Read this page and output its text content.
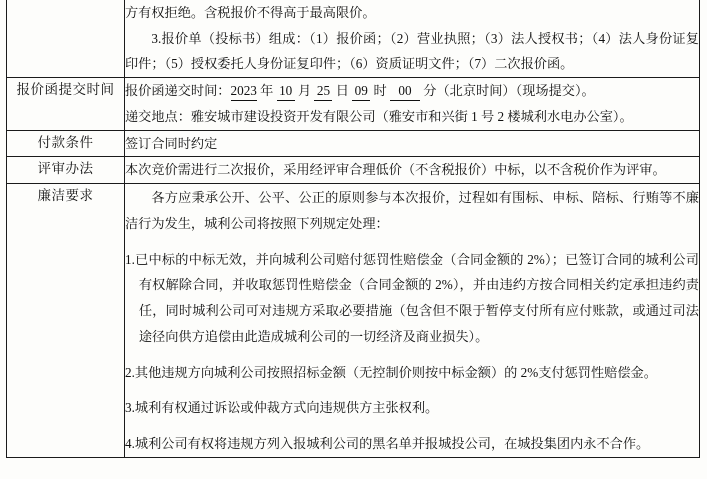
	方有权拒绝。含税报价不得高于最高限价。

3.报价单（投标书）组成：（1）报价函；（2）营业执照；（3）法人授权书；（4）法人身份证复印件；（5）授权委托人身份证复印件；（6）资质证明文件；（7）二次报价函。

报价函提交时间	报价函递交时间：2023 年 10 月 25 日 09 时 00 分（北京时间）（现场提交）。

递交地点：雅安城市建设投资开发有限公司（雅安市和兴街 1 号 2 楼城利水电办公室）。

付款条件	签订合同时约定

评审办法	本次竞价需进行二次报价，采用经评审合理低价（不含税报价）中标，以不含税价作为评审。

廉洁要求	各方应秉承公开、公平、公正的原则参与本次报价，过程如有围标、申标、陪标、行贿等不廉洁行为发生，城利公司将按照下列规定处理：

1.已中标的中标无效，并向城利公司赔付惩罚性赔偿金（合同金额的 2%）；已签订合同的城利公司有权解除合同，并收取惩罚性赔偿金（合同金额的 2%），并由违约方按合同相关约定承担违约责任，同时城利公司可对违规方采取必要措施（包含但不限于暂停支付所有应付账款，或通过司法途径向供方追偿由此造成城利公司的一切经济及商业损失）。

2.其他违规方向城利公司按照招标金额（无控制价则按中标金额）的 2%支付惩罚性赔偿金。

3.城利有权通过诉讼或仲裁方式向违规供方主张权利。

4.城利公司有权将违规方列入报城利公司的黑名单并报城投公司，在城投集团内永不合作。
